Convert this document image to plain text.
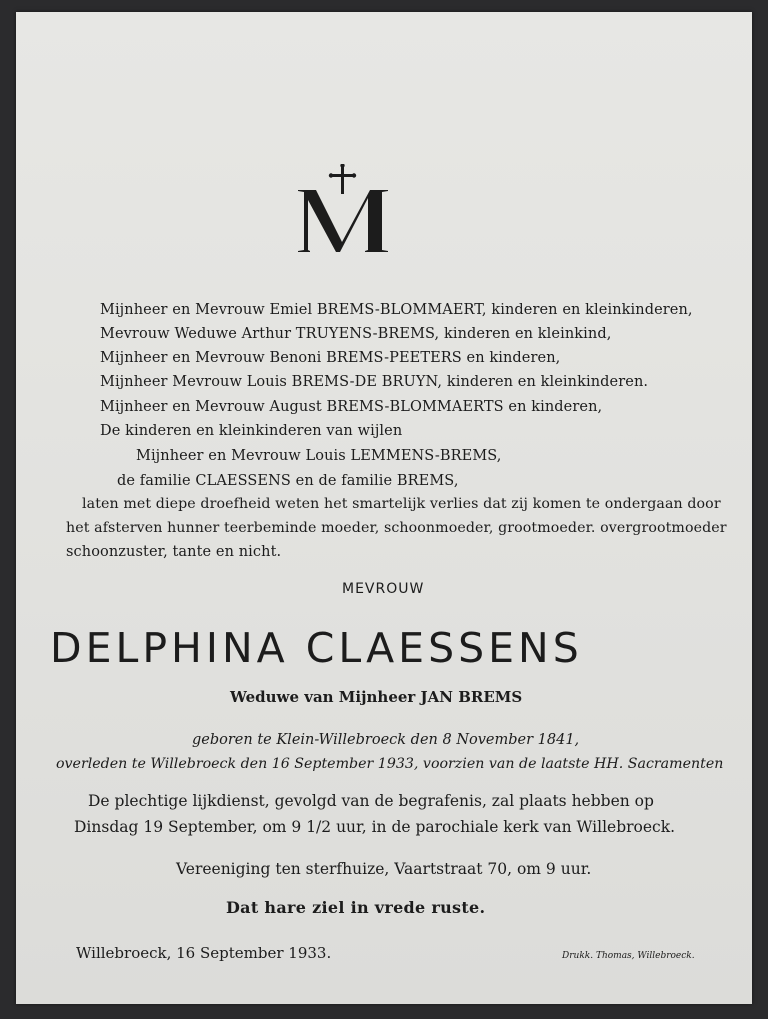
Mijnheer en Mevrouw Emiel BREMS-BLOMMAERT, kinderen en kleinkinderen,
Mevrouw Weduwe Arthur TRUYENS-BREMS, kinderen en kleinkind,
Mijnheer en Mevrouw Benoni BREMS-PEETERS en kinderen,
Mijnheer Mevrouw Louis BREMS-DE BRUYN, kinderen en kleinkinderen.
Mijnheer en Mevrouw August BREMS-BLOMMAERTS en kinderen,
De kinderen en kleinkinderen van wijlen
Mijnheer en Mevrouw Louis LEMMENS-BREMS,
de familie CLAESSENS en de familie BREMS,
laten met diepe droefheid weten het smartelijk verlies dat zij komen te ondergaan door
het afsterven hunner teerbeminde moeder, schoonmoeder, grootmoeder. overgrootmoeder
schoonzuster, tante en nicht.
MEVROUW
DELPHINA CLAESSENS
Weduwe van Mijnheer JAN BREMS
geboren te Klein-Willebroeck den 8 November 1841,
overleden te Willebroeck den 16 September 1933, voorzien van de laatste HH. Sacramenten
De plechtige lijkdienst, gevolgd van de begrafenis, zal plaats hebben op
Dinsdag 19 September, om 9 1/2 uur, in de parochiale kerk van Willebroeck.
Vereeniging ten sterfhuize, Vaartstraat 70, om 9 uur.
Dat hare ziel in vrede ruste.
Willebroeck, 16 September 1933.	Drukk. Thomas, Willebroeck.
